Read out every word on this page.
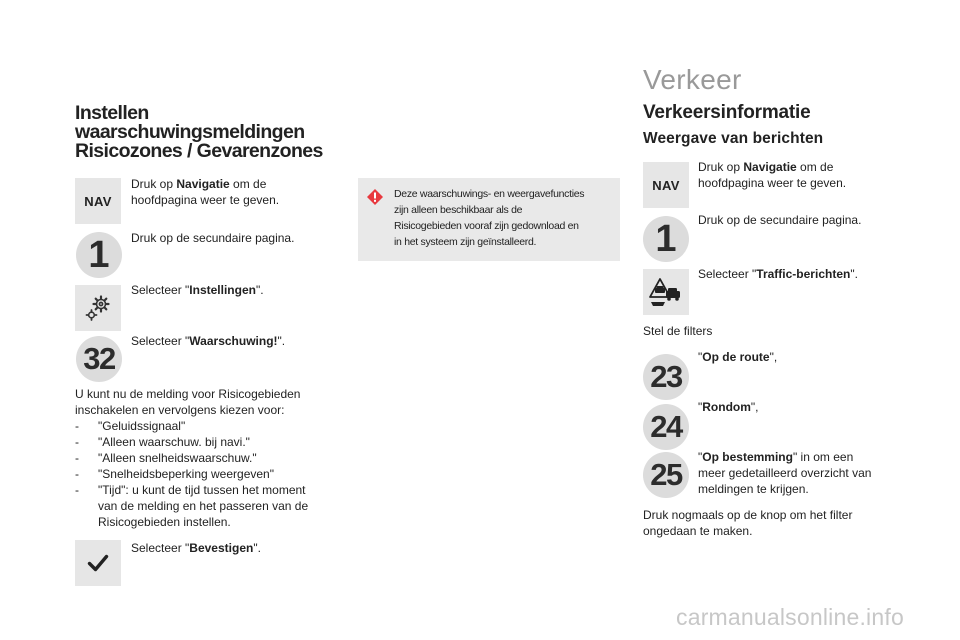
Instellen
waarschuwingsmeldingen
Risicozones / Gevarenzones
NAV
Druk op Navigatie om de
hoofdpagina weer te geven.
1 Druk op de secundaire pagina.
Selecteer "Instellingen".
32 Selecteer "Waarschuwing!".
U kunt nu de melding voor Risicogebieden
inschakelen en vervolgens kiezen voor:
- "Geluidssignaal"
- "Alleen waarschuw. bij navi."
- "Alleen snelheidswaarschuw."
- "Snelheidsbeperking weergeven"
- "Tijd": u kunt de tijd tussen het moment
van de melding en het passeren van de
Risicogebieden instellen.
Selecteer "Bevestigen".
Deze waarschuwings- en weergavefuncties
zijn alleen beschikbaar als de
Risicogebieden vooraf zijn gedownload en
in het systeem zijn geïnstalleerd.
Verkeer
Verkeersinformatie
Weergave van berichten
NAV
Druk op Navigatie om de
hoofdpagina weer te geven.
1 Druk op de secundaire pagina.
Selecteer "Traffic-berichten".
Stel de filters
23
"Op de route",
24
"Rondom",
25 "Op bestemming" in om een
meer gedetailleerd overzicht van
meldingen te krijgen.
Druk nogmaals op de knop om het filter
ongedaan te maken.
carmanualsonline.info
